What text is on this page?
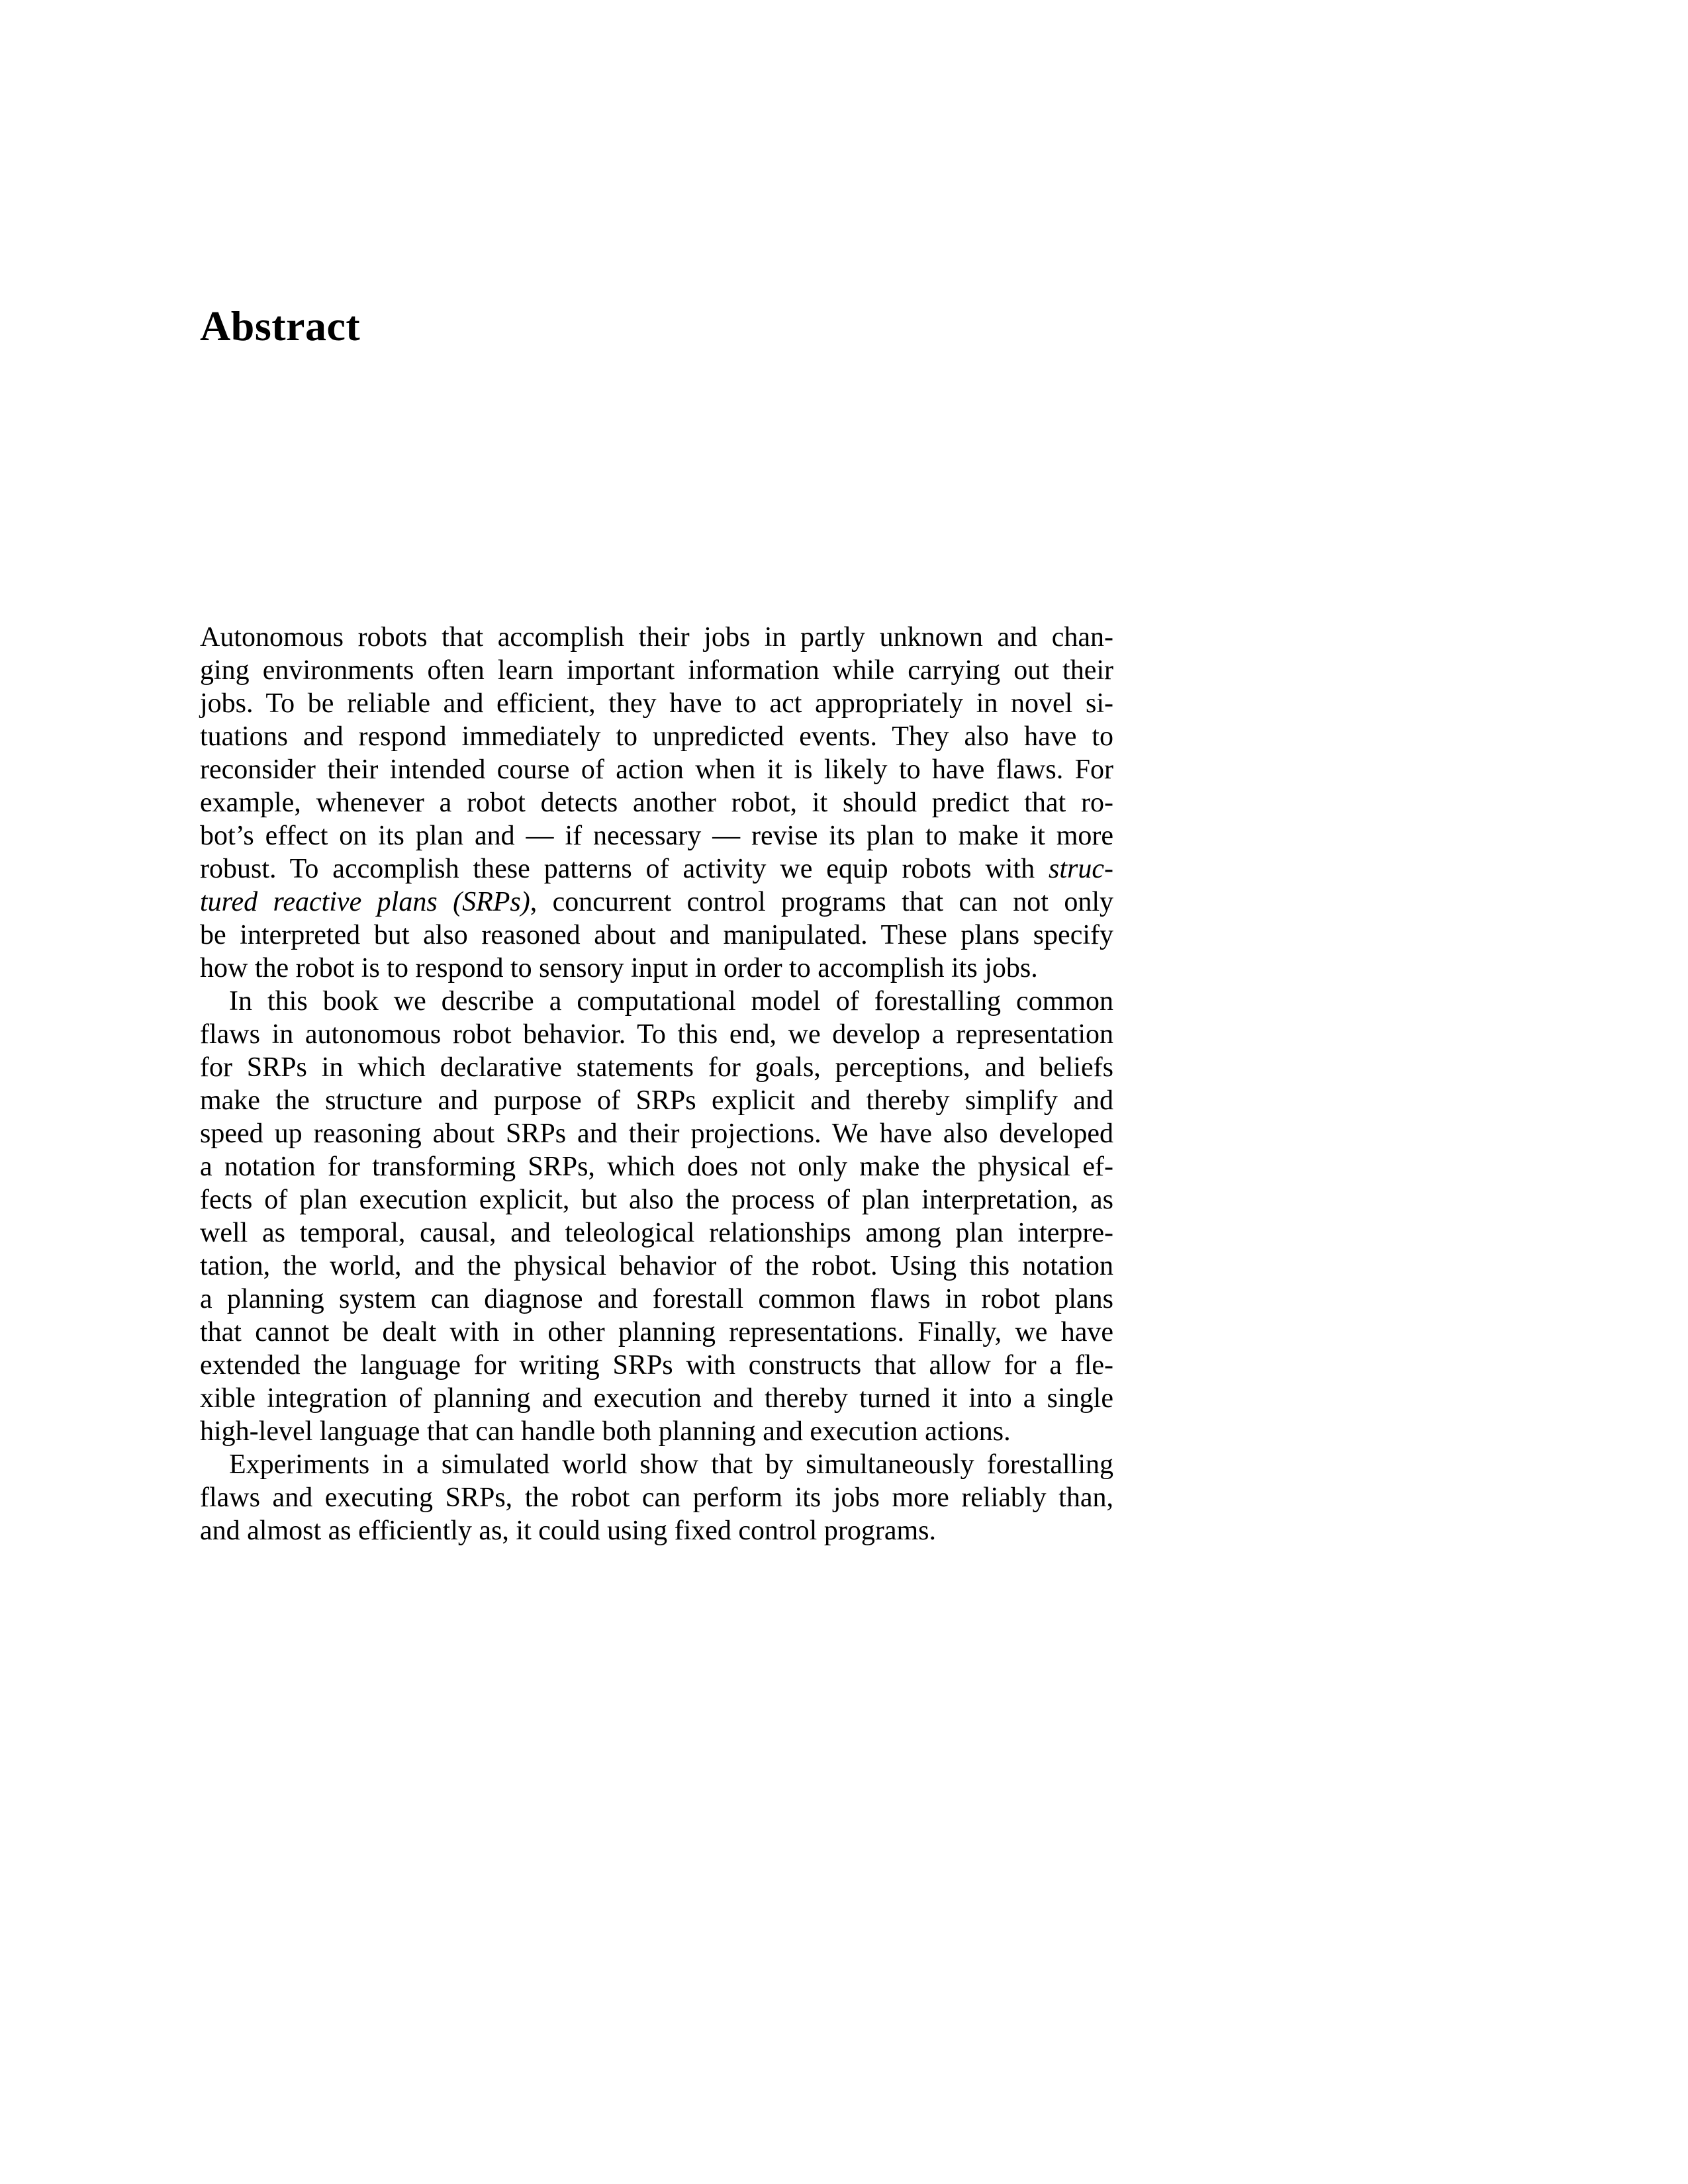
Abstract
Autonomous robots that accomplish their jobs in partly unknown and chan-
ging environments often learn important information while carrying out their
jobs. To be reliable and efficient, they have to act appropriately in novel si-
tuations and respond immediately to unpredicted events. They also have to
reconsider their intended course of action when it is likely to have flaws. For
example, whenever a robot detects another robot, it should predict that ro-
bot’s effect on its plan and — if necessary — revise its plan to make it more
robust. To accomplish these patterns of activity we equip robots with struc-
tured reactive plans (SRPs), concurrent control programs that can not only
be interpreted but also reasoned about and manipulated. These plans specify
how the robot is to respond to sensory input in order to accomplish its jobs.
In this book we describe a computational model of forestalling common
flaws in autonomous robot behavior. To this end, we develop a representation
for SRPs in which declarative statements for goals, perceptions, and beliefs
make the structure and purpose of SRPs explicit and thereby simplify and
speed up reasoning about SRPs and their projections. We have also developed
a notation for transforming SRPs, which does not only make the physical ef-
fects of plan execution explicit, but also the process of plan interpretation, as
well as temporal, causal, and teleological relationships among plan interpre-
tation, the world, and the physical behavior of the robot. Using this notation
a planning system can diagnose and forestall common flaws in robot plans
that cannot be dealt with in other planning representations. Finally, we have
extended the language for writing SRPs with constructs that allow for a fle-
xible integration of planning and execution and thereby turned it into a single
high-level language that can handle both planning and execution actions.
Experiments in a simulated world show that by simultaneously forestalling
flaws and executing SRPs, the robot can perform its jobs more reliably than,
and almost as efficiently as, it could using fixed control programs.
